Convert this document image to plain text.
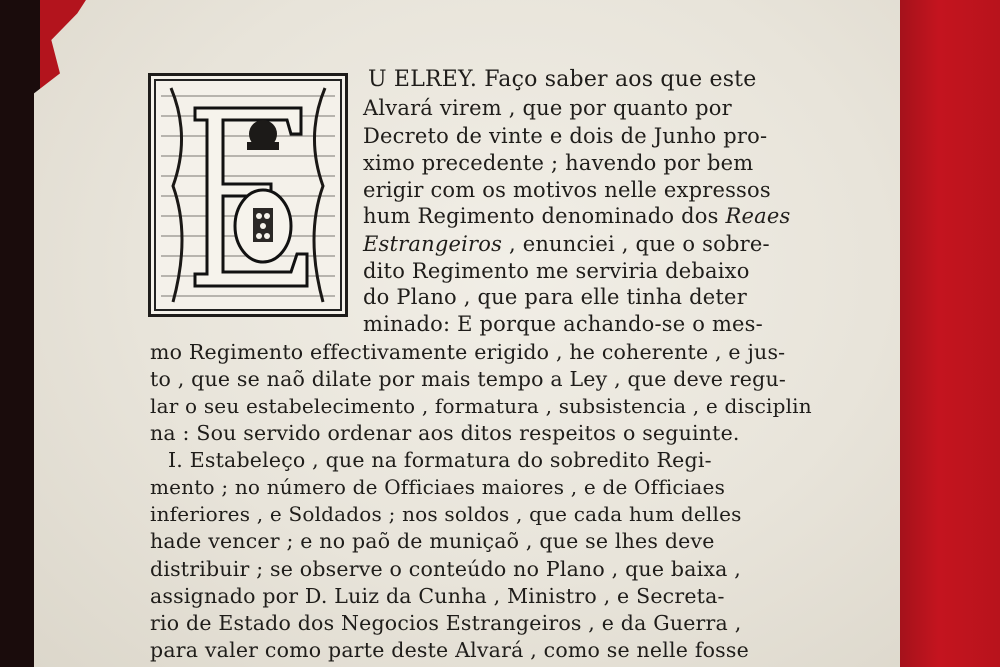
U ELREY. Faço saber aos que este
Alvará virem , que por quanto por
Decreto de vinte e dois de Junho pro-
ximo precedente ; havendo por bem
erigir com os motivos nelle expressos
hum Regimento denominado dos Reaes
Estrangeiros , enunciei , que o sobre-
dito Regimento me serviria debaixo
do Plano , que para elle tinha deter
minado: E porque achando-se o mes-
mo Regimento effectivamente erigido , he coherente , e jus-
to , que se naõ dilate por mais tempo a Ley , que deve regu-
lar o seu estabelecimento , formatura , subsistencia , e disciplin
na : Sou servido ordenar aos ditos respeitos o seguinte.
I. Estabeleço , que na formatura do sobredito Regi-
mento ; no número de Officiaes maiores , e de Officiaes
inferiores , e Soldados ; nos soldos , que cada hum delles
hade vencer ; e no paõ de muniçaõ , que se lhes deve
distribuir ; se observe o conteúdo no Plano , que baixa ,
assignado por D. Luiz da Cunha , Ministro , e Secreta-
rio de Estado dos Negocios Estrangeiros , e da Guerra ,
para valer como parte deste Alvará , como se nelle fosse
